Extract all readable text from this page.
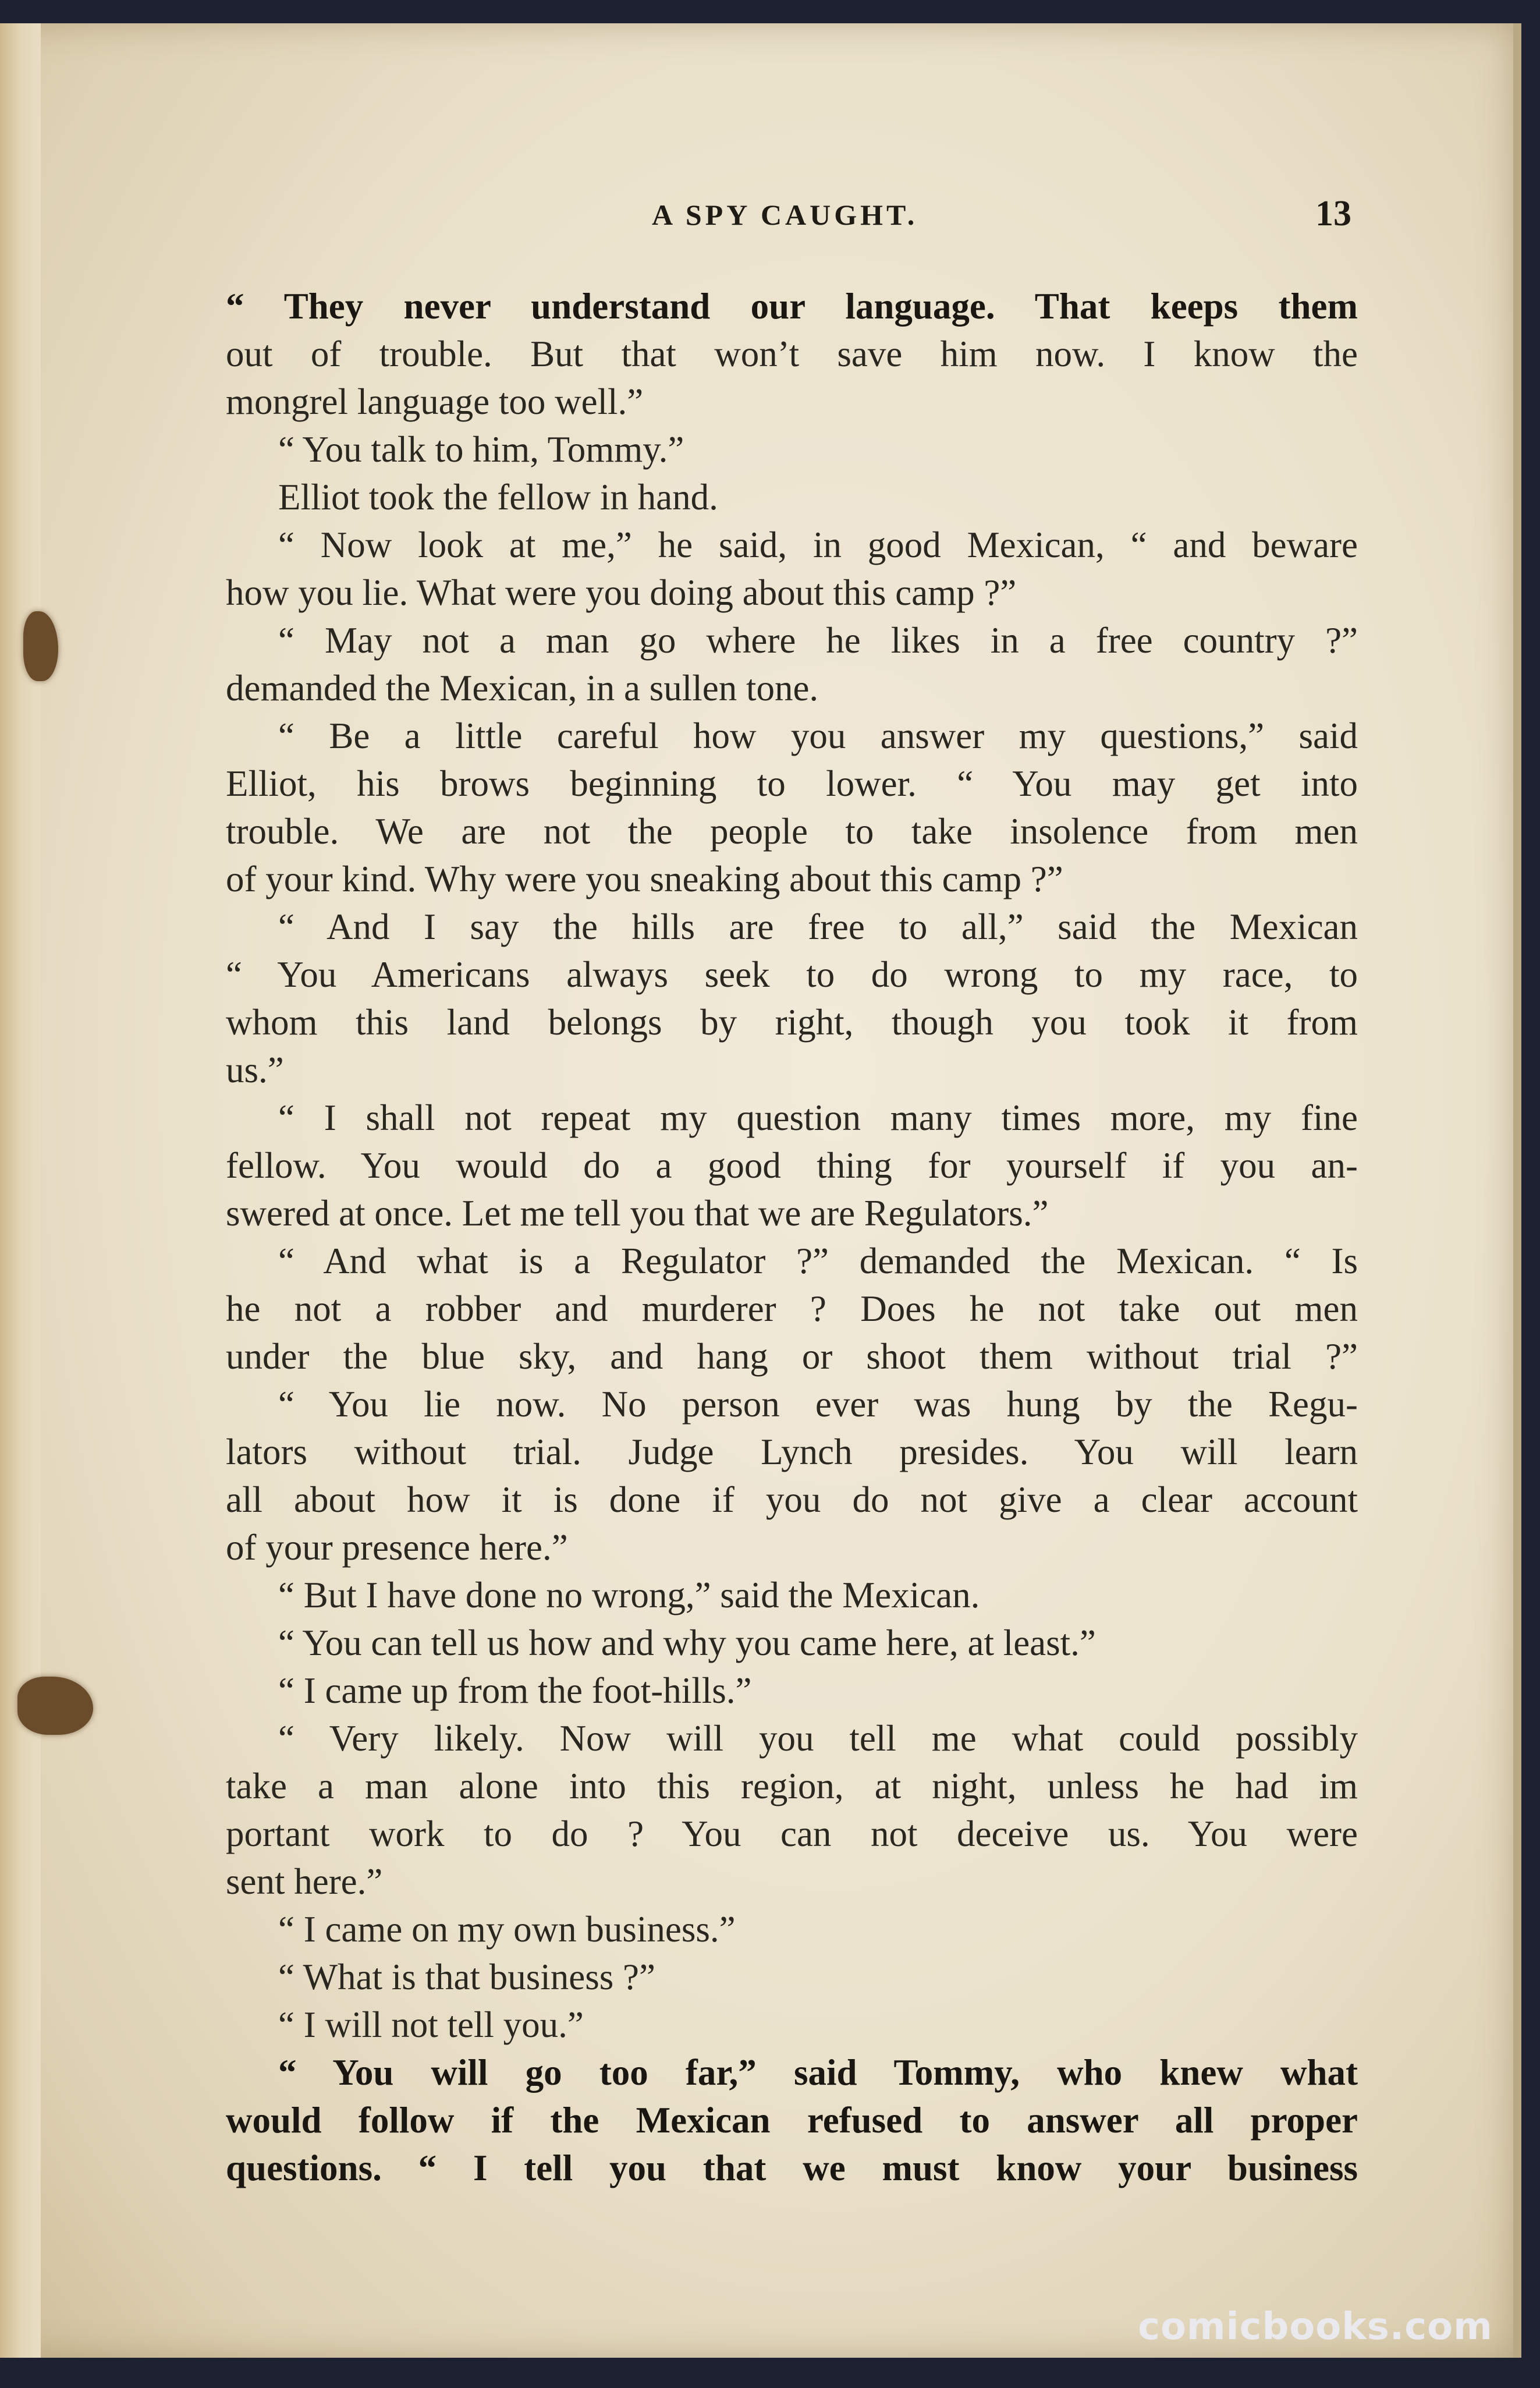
A SPY CAUGHT.	13
“ They never understand our language. That keeps them
out of trouble. But that won’t save him now. I know the
mongrel language too well.”
“ You talk to him, Tommy.”
Elliot took the fellow in hand.
“ Now look at me,” he said, in good Mexican, “ and beware
how you lie. What were you doing about this camp ?”
“ May not a man go where he likes in a free country ?”
demanded the Mexican, in a sullen tone.
“ Be a little careful how you answer my questions,” said
Elliot, his brows beginning to lower. “ You may get into
trouble. We are not the people to take insolence from men
of your kind. Why were you sneaking about this camp ?”
“ And I say the hills are free to all,” said the Mexican
“ You Americans always seek to do wrong to my race, to
whom this land belongs by right, though you took it from
us.”
“ I shall not repeat my question many times more, my fine
fellow. You would do a good thing for yourself if you an-
swered at once. Let me tell you that we are Regulators.”
“ And what is a Regulator ?” demanded the Mexican. “ Is
he not a robber and murderer ? Does he not take out men
under the blue sky, and hang or shoot them without trial ?”
“ You lie now. No person ever was hung by the Regu-
lators without trial. Judge Lynch presides. You will learn
all about how it is done if you do not give a clear account
of your presence here.”
“ But I have done no wrong,” said the Mexican.
“ You can tell us how and why you came here, at least.”
“ I came up from the foot-hills.”
“ Very likely. Now will you tell me what could possibly
take a man alone into this region, at night, unless he had im
portant work to do ? You can not deceive us. You were
sent here.”
“ I came on my own business.”
“ What is that business ?”
“ I will not tell you.”
“ You will go too far,” said Tommy, who knew what
would follow if the Mexican refused to answer all proper
questions. “ I tell you that we must know your business
comicbooks.com
